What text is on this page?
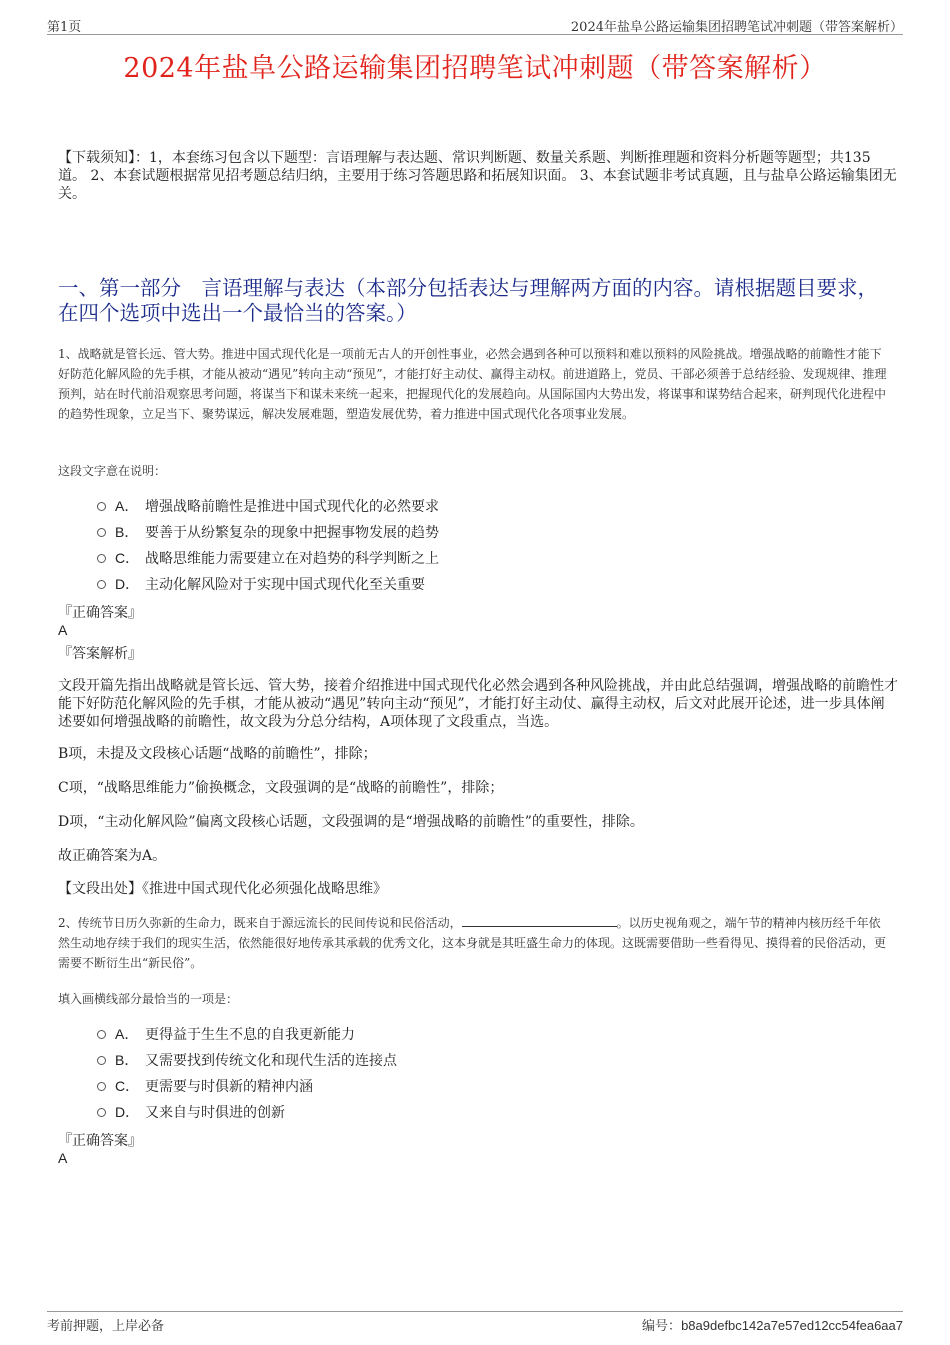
第1页	2024年盐阜公路运输集团招聘笔试冲刺题（带答案解析）
2024年盐阜公路运输集团招聘笔试冲刺题（带答案解析）
【下载须知】：1，本套练习包含以下题型：言语理解与表达题、常识判断题、数量关系题、判断推理题和资料分析题等题型；共135道。 2、本套试题根据常见招考题总结归纳，主要用于练习答题思路和拓展知识面。 3、本套试题非考试真题，且与盐阜公路运输集团无关。
一、第一部分　言语理解与表达（本部分包括表达与理解两方面的内容。请根据题目要求，在四个选项中选出一个最恰当的答案。）
1、战略就是管长远、管大势。推进中国式现代化是一项前无古人的开创性事业，必然会遇到各种可以预料和难以预料的风险挑战。增强战略的前瞻性才能下好防范化解风险的先手棋，才能从被动“遇见”转向主动“预见”，才能打好主动仗、赢得主动权。前进道路上，党员、干部必须善于总结经验、发现规律、推理预判，站在时代前沿观察思考问题，将谋当下和谋未来统一起来，把握现代化的发展趋向。从国际国内大势出发，将谋事和谋势结合起来，研判现代化进程中的趋势性现象，立足当下、聚势谋远，解决发展难题，塑造发展优势，着力推进中国式现代化各项事业发展。
这段文字意在说明：
A． 增强战略前瞻性是推进中国式现代化的必然要求
B． 要善于从纷繁复杂的现象中把握事物发展的趋势
C． 战略思维能力需要建立在对趋势的科学判断之上
D． 主动化解风险对于实现中国式现代化至关重要
『正确答案』
A
『答案解析』
文段开篇先指出战略就是管长远、管大势，接着介绍推进中国式现代化必然会遇到各种风险挑战，并由此总结强调，增强战略的前瞻性才能下好防范化解风险的先手棋，才能从被动“遇见”转向主动“预见”，才能打好主动仗、赢得主动权，后文对此展开论述，进一步具体阐述要如何增强战略的前瞻性，故文段为分总分结构，A项体现了文段重点，当选。
B项，未提及文段核心话题“战略的前瞻性”，排除；
C项，“战略思维能力”偷换概念，文段强调的是“战略的前瞻性”，排除；
D项，“主动化解风险”偏离文段核心话题，文段强调的是“增强战略的前瞻性”的重要性，排除。
故正确答案为A。
【文段出处】《推进中国式现代化必须强化战略思维》
2、传统节日历久弥新的生命力，既来自于源远流长的民间传说和民俗活动，	。以历史视角观之，端午节的精神内核历经千年依然生动地存续于我们的现实生活，依然能很好地传承其承载的优秀文化，这本身就是其旺盛生命力的体现。这既需要借助一些看得见、摸得着的民俗活动，更需要不断衍生出“新民俗”。
填入画横线部分最恰当的一项是：
A． 更得益于生生不息的自我更新能力
B． 又需要找到传统文化和现代生活的连接点
C． 更需要与时俱新的精神内涵
D． 又来自与时俱进的创新
『正确答案』
A
考前押题，上岸必备	编号：b8a9defbc142a7e57ed12cc54fea6aa7
